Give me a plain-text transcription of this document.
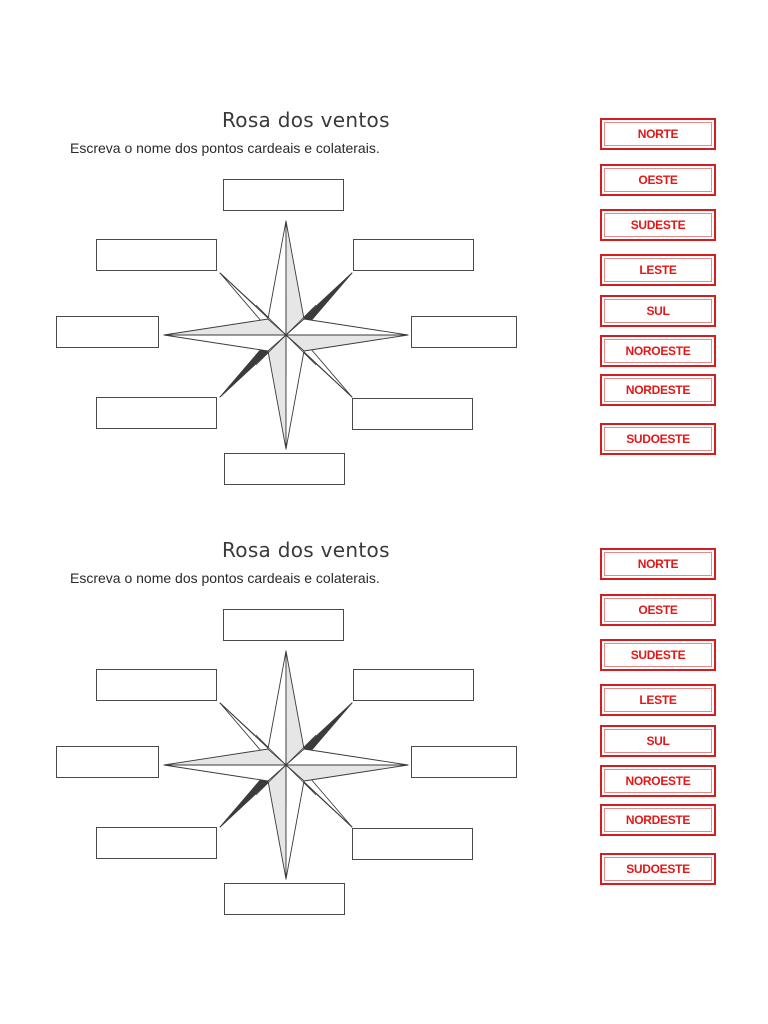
Rosa dos ventos

Escreva o nome dos pontos cardeais e colaterais.

NORTE
OESTE
SUDESTE
LESTE
SUL
NOROESTE
NORDESTE
SUDOESTE
Rosa dos ventos

Escreva o nome dos pontos cardeais e colaterais.

NORTE
OESTE
SUDESTE
LESTE
SUL
NOROESTE
NORDESTE
SUDOESTE
